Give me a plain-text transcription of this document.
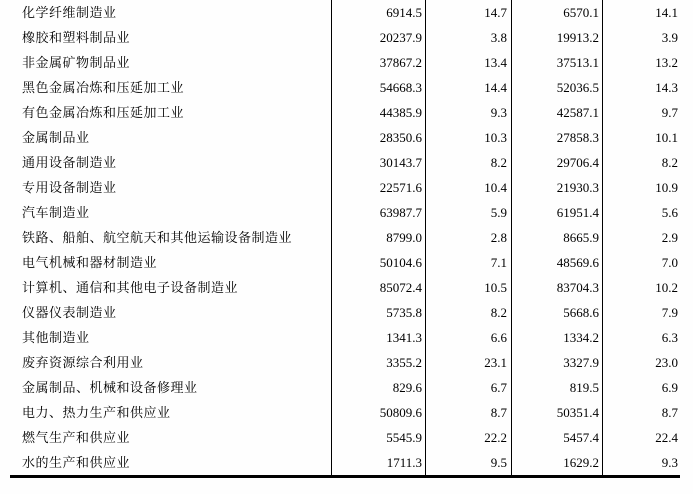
化学纤维制造业	6914.5	14.7	6570.1	14.1
橡胶和塑料制品业	20237.9	3.8	19913.2	3.9
非金属矿物制品业	37867.2	13.4	37513.1	13.2
黑色金属冶炼和压延加工业	54668.3	14.4	52036.5	14.3
有色金属冶炼和压延加工业	44385.9	9.3	42587.1	9.7
金属制品业	28350.6	10.3	27858.3	10.1
通用设备制造业	30143.7	8.2	29706.4	8.2
专用设备制造业	22571.6	10.4	21930.3	10.9
汽车制造业	63987.7	5.9	61951.4	5.6
铁路、船舶、航空航天和其他运输设备制造业	8799.0	2.8	8665.9	2.9
电气机械和器材制造业	50104.6	7.1	48569.6	7.0
计算机、通信和其他电子设备制造业	85072.4	10.5	83704.3	10.2
仪器仪表制造业	5735.8	8.2	5668.6	7.9
其他制造业	1341.3	6.6	1334.2	6.3
废弃资源综合利用业	3355.2	23.1	3327.9	23.0
金属制品、机械和设备修理业	829.6	6.7	819.5	6.9
电力、热力生产和供应业	50809.6	8.7	50351.4	8.7
燃气生产和供应业	5545.9	22.2	5457.4	22.4
水的生产和供应业	1711.3	9.5	1629.2	9.3
